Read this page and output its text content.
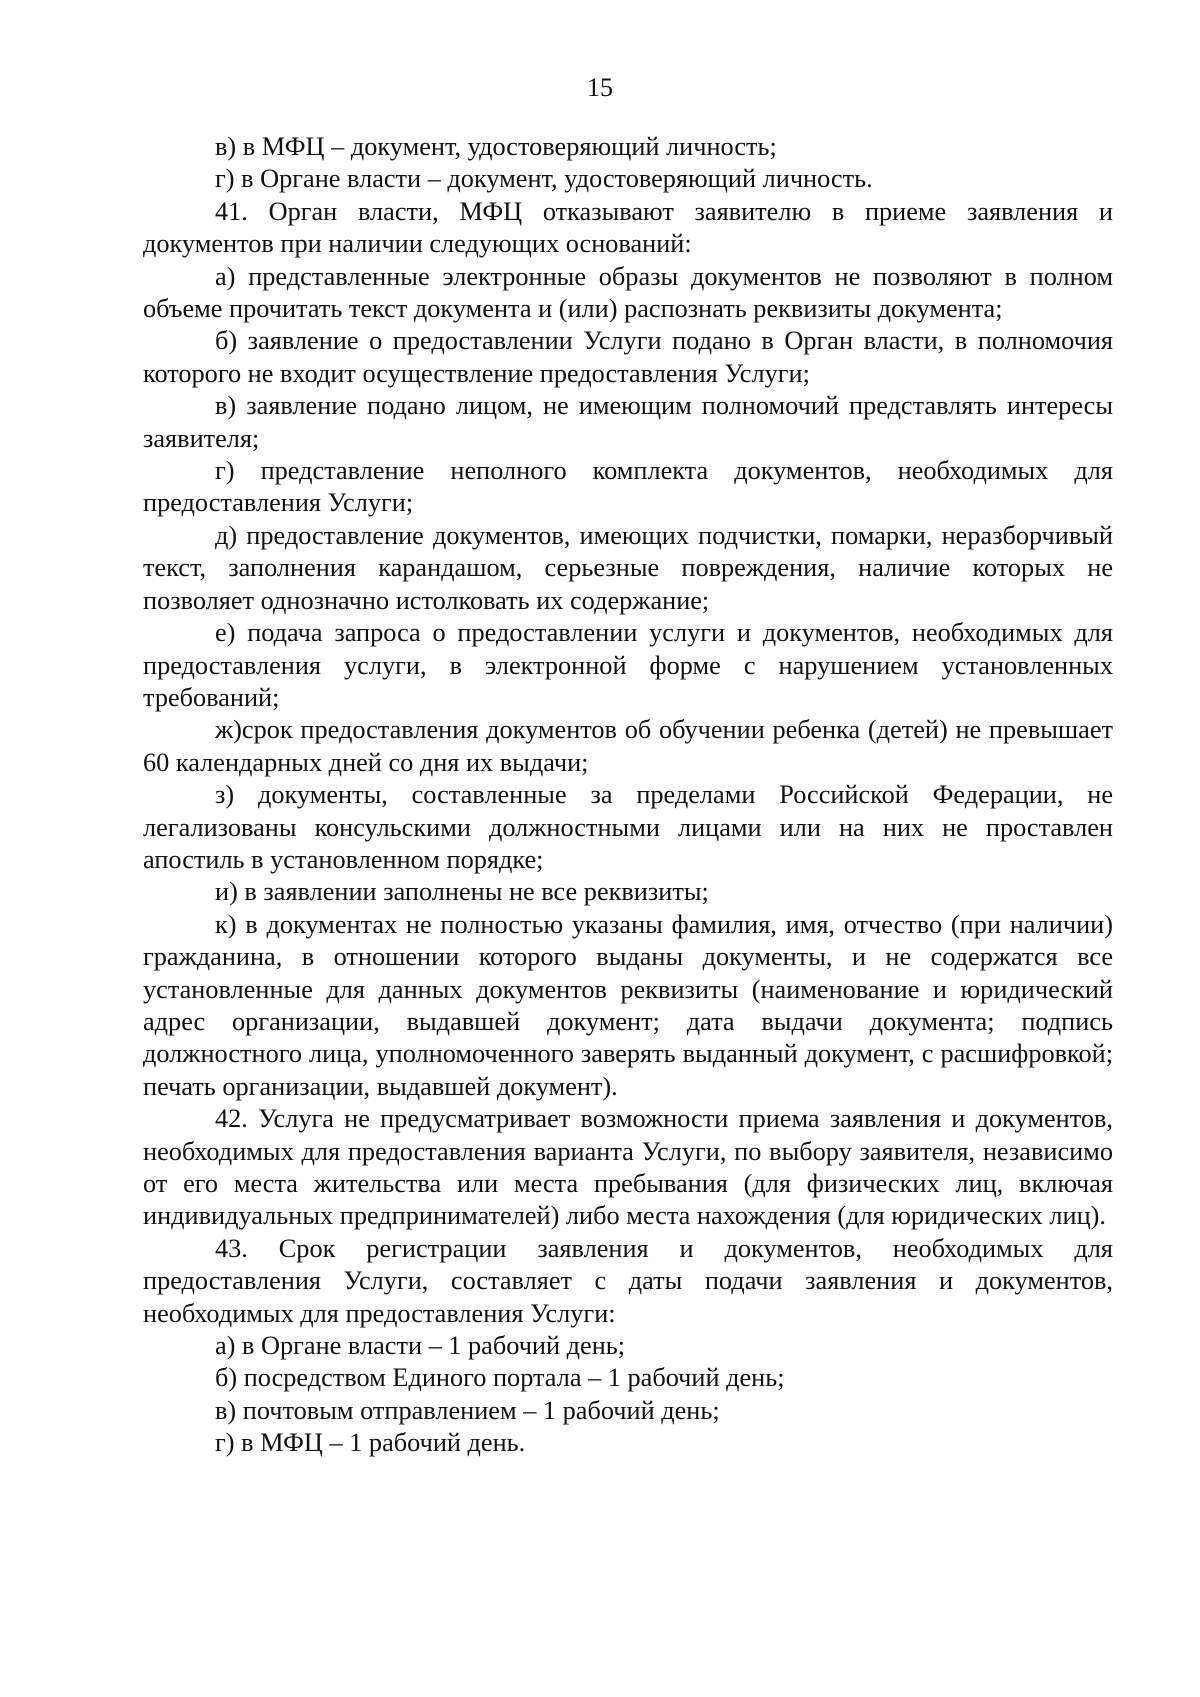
15

в) в МФЦ – документ, удостоверяющий личность;

г) в Органе власти – документ, удостоверяющий личность.

41. Орган власти, МФЦ отказывают заявителю в приеме заявления и документов при наличии следующих оснований:

а) представленные электронные образы документов не позволяют в полном объеме прочитать текст документа и (или) распознать реквизиты документа;

б) заявление о предоставлении Услуги подано в Орган власти, в полномочия которого не входит осуществление предоставления Услуги;

в) заявление подано лицом, не имеющим полномочий представлять интересы заявителя;

г) представление неполного комплекта документов, необходимых для предоставления Услуги;

д) предоставление документов, имеющих подчистки, помарки, неразборчивый текст, заполнения карандашом, серьезные повреждения, наличие которых не позволяет однозначно истолковать их содержание;

е) подача запроса о предоставлении услуги и документов, необходимых для предоставления услуги, в электронной форме с нарушением установленных требований;

ж)срок предоставления документов об обучении ребенка (детей) не превышает 60 календарных дней со дня их выдачи;

з) документы, составленные за пределами Российской Федерации, не легализованы консульскими должностными лицами или на них не проставлен апостиль в установленном порядке;

и) в заявлении заполнены не все реквизиты;

к) в документах не полностью указаны фамилия, имя, отчество (при наличии) гражданина, в отношении которого выданы документы, и не содержатся все установленные для данных документов реквизиты (наименование и юридический адрес организации, выдавшей документ; дата выдачи документа; подпись должностного лица, уполномоченного заверять выданный документ, с расшифровкой; печать организации, выдавшей документ).

42. Услуга не предусматривает возможности приема заявления и документов, необходимых для предоставления варианта Услуги, по выбору заявителя, независимо от его места жительства или места пребывания (для физических лиц, включая индивидуальных предпринимателей) либо места нахождения (для юридических лиц).

43. Срок регистрации заявления и документов, необходимых для предоставления Услуги, составляет с даты подачи заявления и документов, необходимых для предоставления Услуги:

а) в Органе власти – 1 рабочий день;

б) посредством Единого портала – 1 рабочий день;

в) почтовым отправлением – 1 рабочий день;

г) в МФЦ – 1 рабочий день.
